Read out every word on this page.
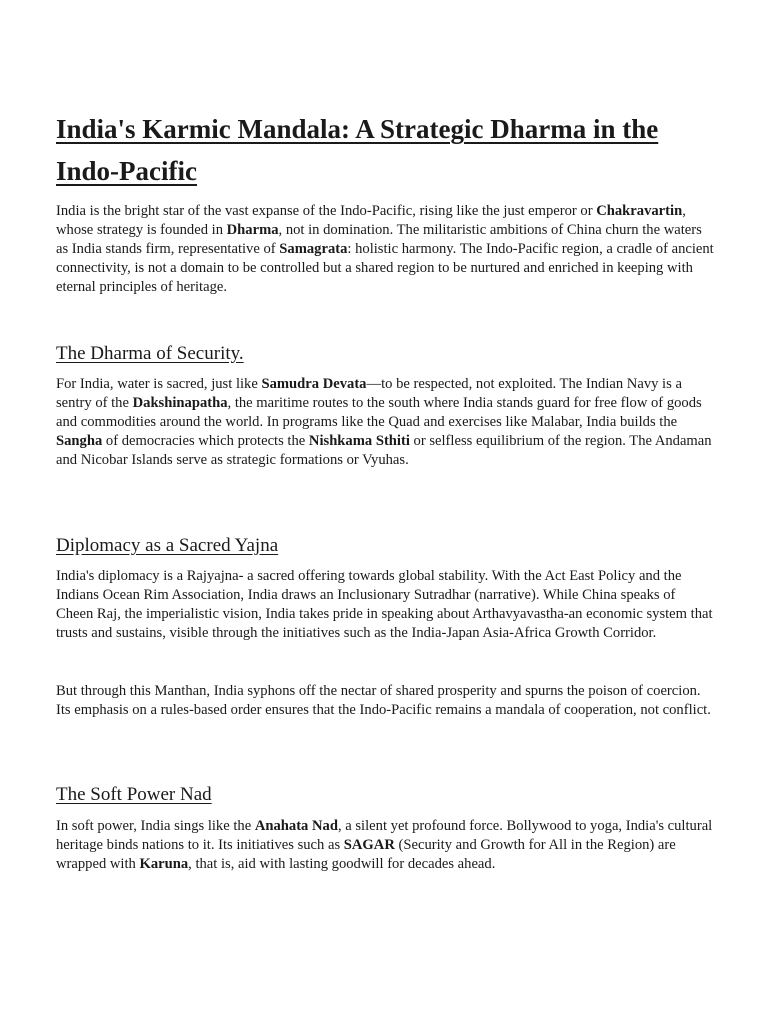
India's Karmic Mandala: A Strategic Dharma in the Indo-Pacific

India is the bright star of the vast expanse of the Indo-Pacific, rising like the just emperor or Chakravartin, whose strategy is founded in Dharma, not in domination. The militaristic ambitions of China churn the waters as India stands firm, representative of Samagrata: holistic harmony. The Indo-Pacific region, a cradle of ancient connectivity, is not a domain to be controlled but a shared region to be nurtured and enriched in keeping with eternal principles of heritage.

The Dharma of Security.

For India, water is sacred, just like Samudra Devata—to be respected, not exploited. The Indian Navy is a sentry of the Dakshinapatha, the maritime routes to the south where India stands guard for free flow of goods and commodities around the world. In programs like the Quad and exercises like Malabar, India builds the Sangha of democracies which protects the Nishkama Sthiti or selfless equilibrium of the region. The Andaman and Nicobar Islands serve as strategic formations or Vyuhas.

Diplomacy as a Sacred Yajna

India's diplomacy is a Rajyajna- a sacred offering towards global stability. With the Act East Policy and the Indians Ocean Rim Association, India draws an Inclusionary Sutradhar (narrative). While China speaks of Cheen Raj, the imperialistic vision, India takes pride in speaking about Arthavyavastha-an economic system that trusts and sustains, visible through the initiatives such as the India-Japan Asia-Africa Growth Corridor.

But through this Manthan, India syphons off the nectar of shared prosperity and spurns the poison of coercion. Its emphasis on a rules-based order ensures that the Indo-Pacific remains a mandala of cooperation, not conflict.

The Soft Power Nad

In soft power, India sings like the Anahata Nad, a silent yet profound force. Bollywood to yoga, India's cultural heritage binds nations to it. Its initiatives such as SAGAR (Security and Growth for All in the Region) are wrapped with Karuna, that is, aid with lasting goodwill for decades ahead.
